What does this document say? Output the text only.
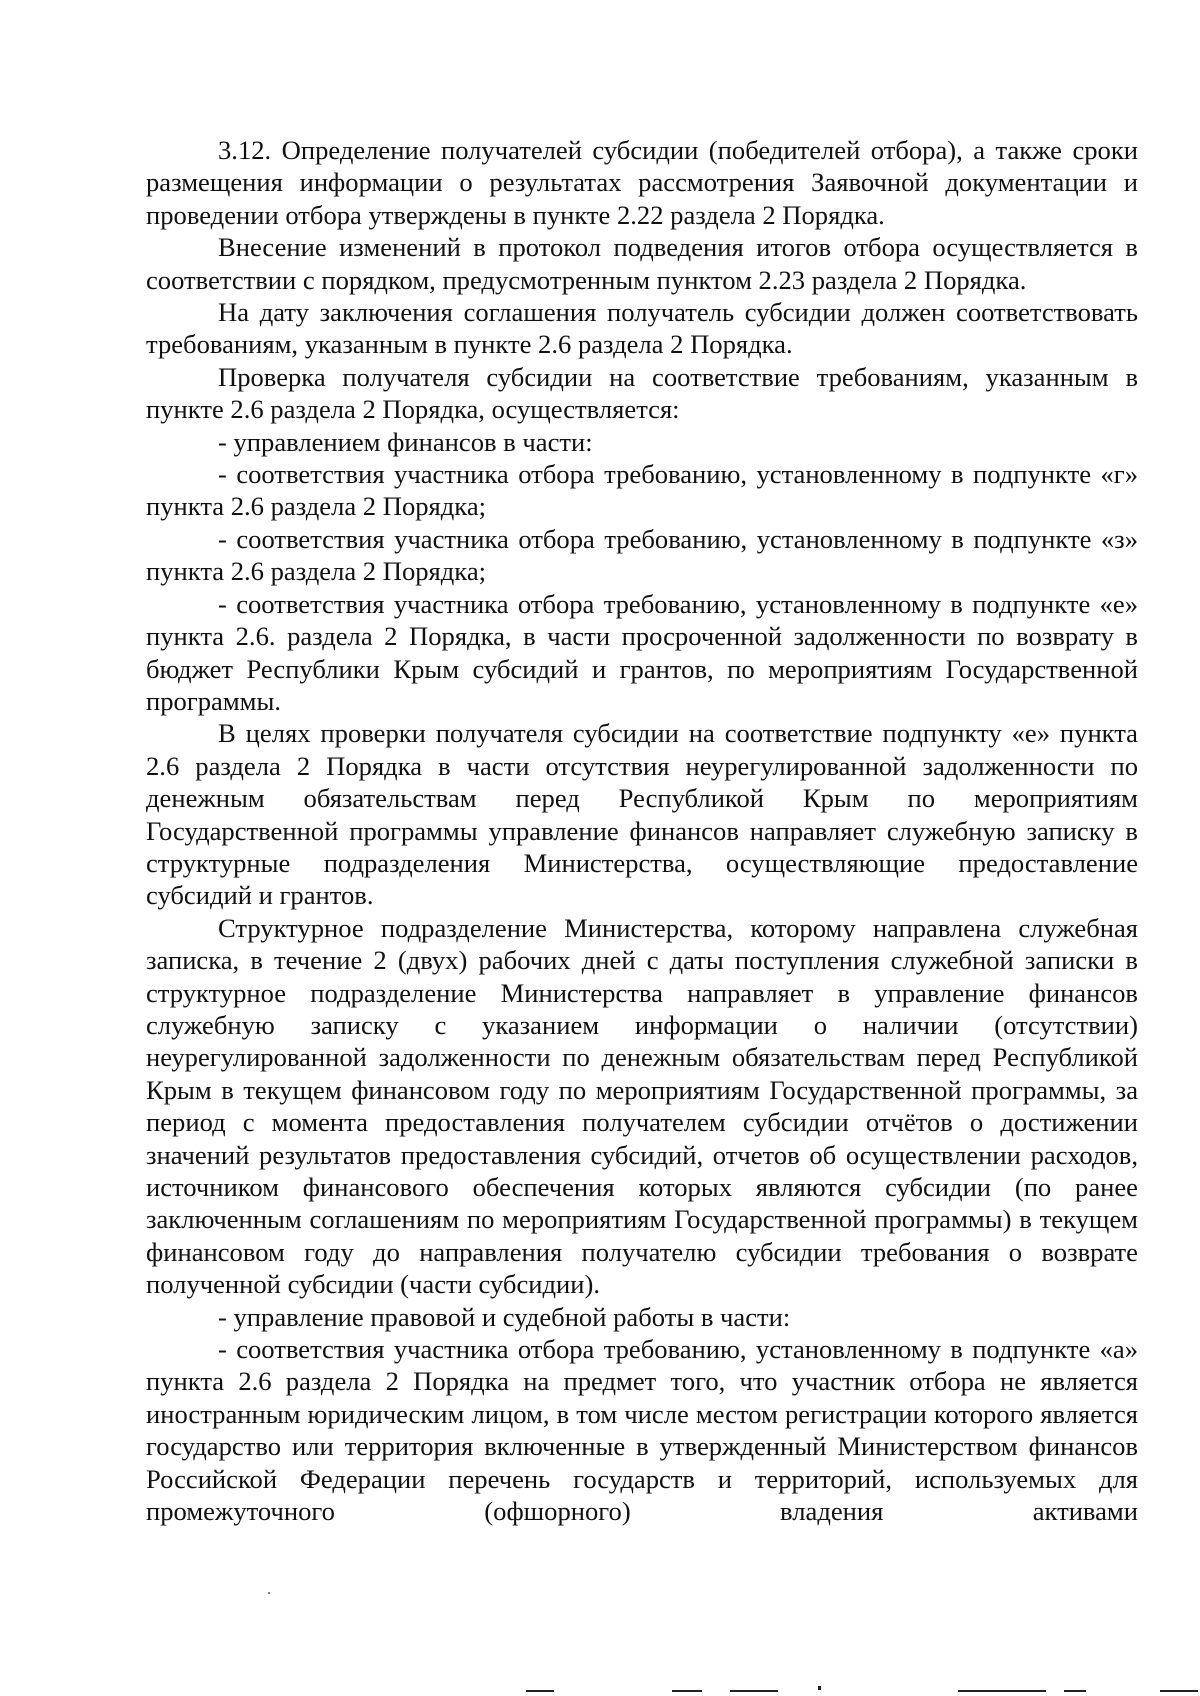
3.12. Определение получателей субсидии (победителей отбора), а также сроки размещения информации о результатах рассмотрения Заявочной документации и проведении отбора утверждены в пункте 2.22 раздела 2 Порядка.

Внесение изменений в протокол подведения итогов отбора осуществляется в соответствии с порядком, предусмотренным пунктом 2.23 раздела 2 Порядка.

На дату заключения соглашения получатель субсидии должен соответствовать требованиям, указанным в пункте 2.6 раздела 2 Порядка.

Проверка получателя субсидии на соответствие требованиям, указанным в пункте 2.6 раздела 2 Порядка, осуществляется:

- управлением финансов в части:

- соответствия участника отбора требованию, установленному в подпункте «г» пункта 2.6 раздела 2 Порядка;

- соответствия участника отбора требованию, установленному в подпункте «з» пункта 2.6 раздела 2 Порядка;

- соответствия участника отбора требованию, установленному в подпункте «е» пункта 2.6. раздела 2 Порядка, в части просроченной задолженности по возврату в бюджет Республики Крым субсидий и грантов, по мероприятиям Государственной программы.

В целях проверки получателя субсидии на соответствие подпункту «е» пункта 2.6 раздела 2 Порядка в части отсутствия неурегулированной задолженности по денежным обязательствам перед Республикой Крым по мероприятиям Государственной программы управление финансов направляет служебную записку в структурные подразделения Министерства, осуществляющие предоставление субсидий и грантов.

Структурное подразделение Министерства, которому направлена служебная записка, в течение 2 (двух) рабочих дней с даты поступления служебной записки в структурное подразделение Министерства направляет в управление финансов служебную записку с указанием информации о наличии (отсутствии) неурегулированной задолженности по денежным обязательствам перед Республикой Крым в текущем финансовом году по мероприятиям Государственной программы, за период с момента предоставления получателем субсидии отчётов о достижении значений результатов предоставления субсидий, отчетов об осуществлении расходов, источником финансового обеспечения которых являются субсидии (по ранее заключенным соглашениям по мероприятиям Государственной программы) в текущем финансовом году до направления получателю субсидии требования о возврате полученной субсидии (части субсидии).

- управление правовой и судебной работы в части:

- соответствия участника отбора требованию, установленному в подпункте «а» пункта 2.6 раздела 2 Порядка на предмет того, что участник отбора не является иностранным юридическим лицом, в том числе местом регистрации которого является государство или территория включенные в утвержденный Министерством финансов Российской Федерации перечень государств и территорий, используемых для промежуточного (офшорного) владения активами
